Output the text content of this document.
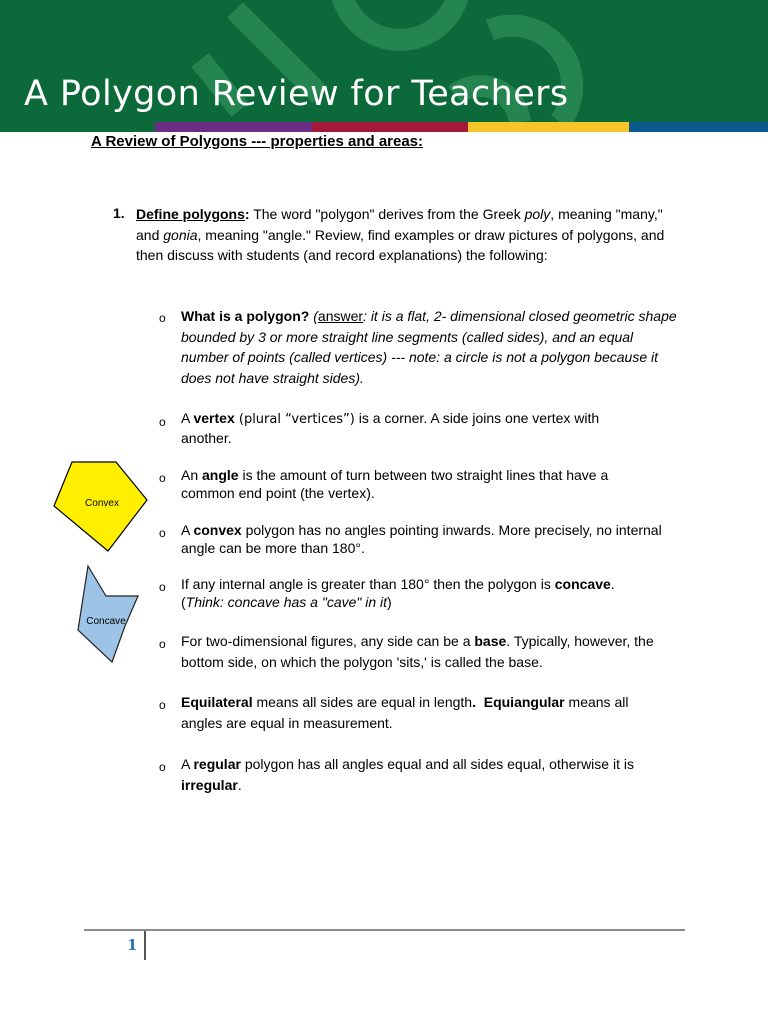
A Polygon Review for Teachers
A Review of Polygons --- properties and areas:
1. Define polygons: The word "polygon" derives from the Greek poly, meaning "many," and gonia, meaning "angle." Review, find examples or draw pictures of polygons, and then discuss with students (and record explanations) the following:
o What is a polygon? (answer: it is a flat, 2- dimensional closed geometric shape bounded by 3 or more straight line segments (called sides), and an equal number of points (called vertices) --- note: a circle is not a polygon because it does not have straight sides).
o A vertex (plural “vertices”) is a corner. A side joins one vertex with another.
o An angle is the amount of turn between two straight lines that have a common end point (the vertex).
o A convex polygon has no angles pointing inwards. More precisely, no internal angle can be more than 180°.
o If any internal angle is greater than 180° then the polygon is concave.
(Think: concave has a "cave" in it)
o For two-dimensional figures, any side can be a base. Typically, however, the bottom side, on which the polygon 'sits,' is called the base.
o Equilateral means all sides are equal in length. Equiangular means all angles are equal in measurement.
o A regular polygon has all angles equal and all sides equal, otherwise it is irregular.
Convex
Concave
1
